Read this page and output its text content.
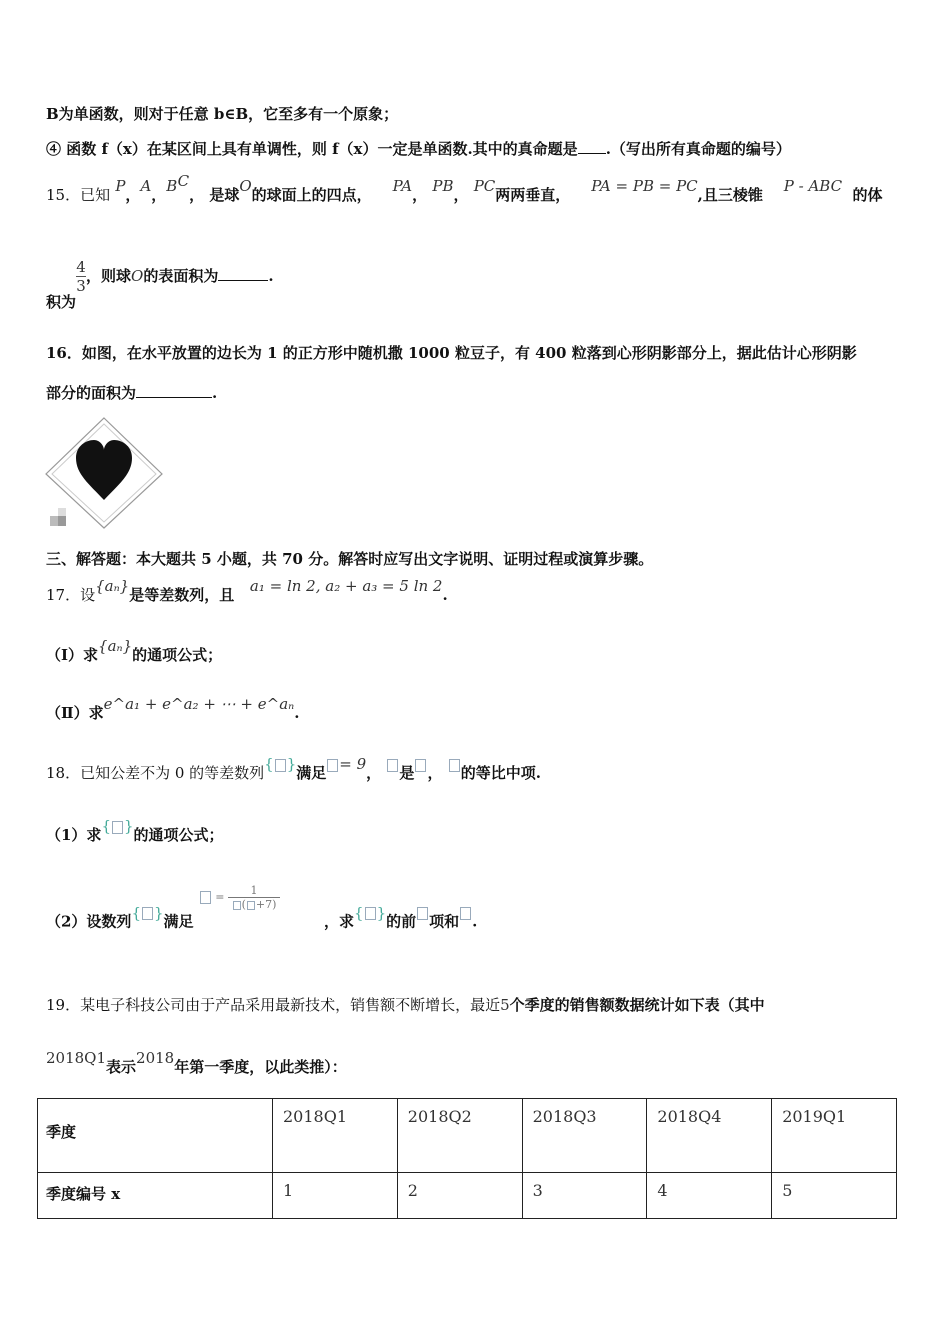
B为单函数，则对于任意 b∈B，它至多有一个原象；
④ 函数 f（x）在某区间上具有单调性，则 f（x）一定是单函数.其中的真命题是 .（写出所有真命题的编号）
15．已知 P，A，BC， 是球O的球面上的四点， PA， PB， PC两两垂直， PA = PB = PC,且三棱锥 P - ABC 的体
积为
$\frac{4}{3}$ ，则球O的表面积为	.
16．如图，在水平放置的边长为 1 的正方形中随机撒 1000 粒豆子，有 400 粒落到心形阴影部分上，据此估计心形阴影
部分的面积为	.
三、解答题：本大题共 5 小题，共 70 分。解答时应写出文字说明、证明过程或演算步骤。
17．设{aₙ}是等差数列，且 a₁ = ln 2, a₂ + a₃ = 5 ln 2.
（Ⅰ）求{aₙ}的通项公式；
（Ⅱ）求e^a₁ + e^a₂ + ⋯ + e^aₙ.
18．已知公差不为 0 的等差数列{ }满足 = 9， 是 ， 的等比中项.
（1）求{ }的通项公式；
（2）设数列{ }满足  = $\frac{1}{( +7)}$
，求{ }的前 项和 .
19．某电子科技公司由于产品采用最新技术，销售额不断增长，最近5个季度的销售额数据统计如下表（其中
2018Q1表示2018年第一季度，以此类推）：
季度	2018Q1	2018Q2	2018Q3	2018Q4	2019Q1
季度编号 x	1	2	3	4	5
